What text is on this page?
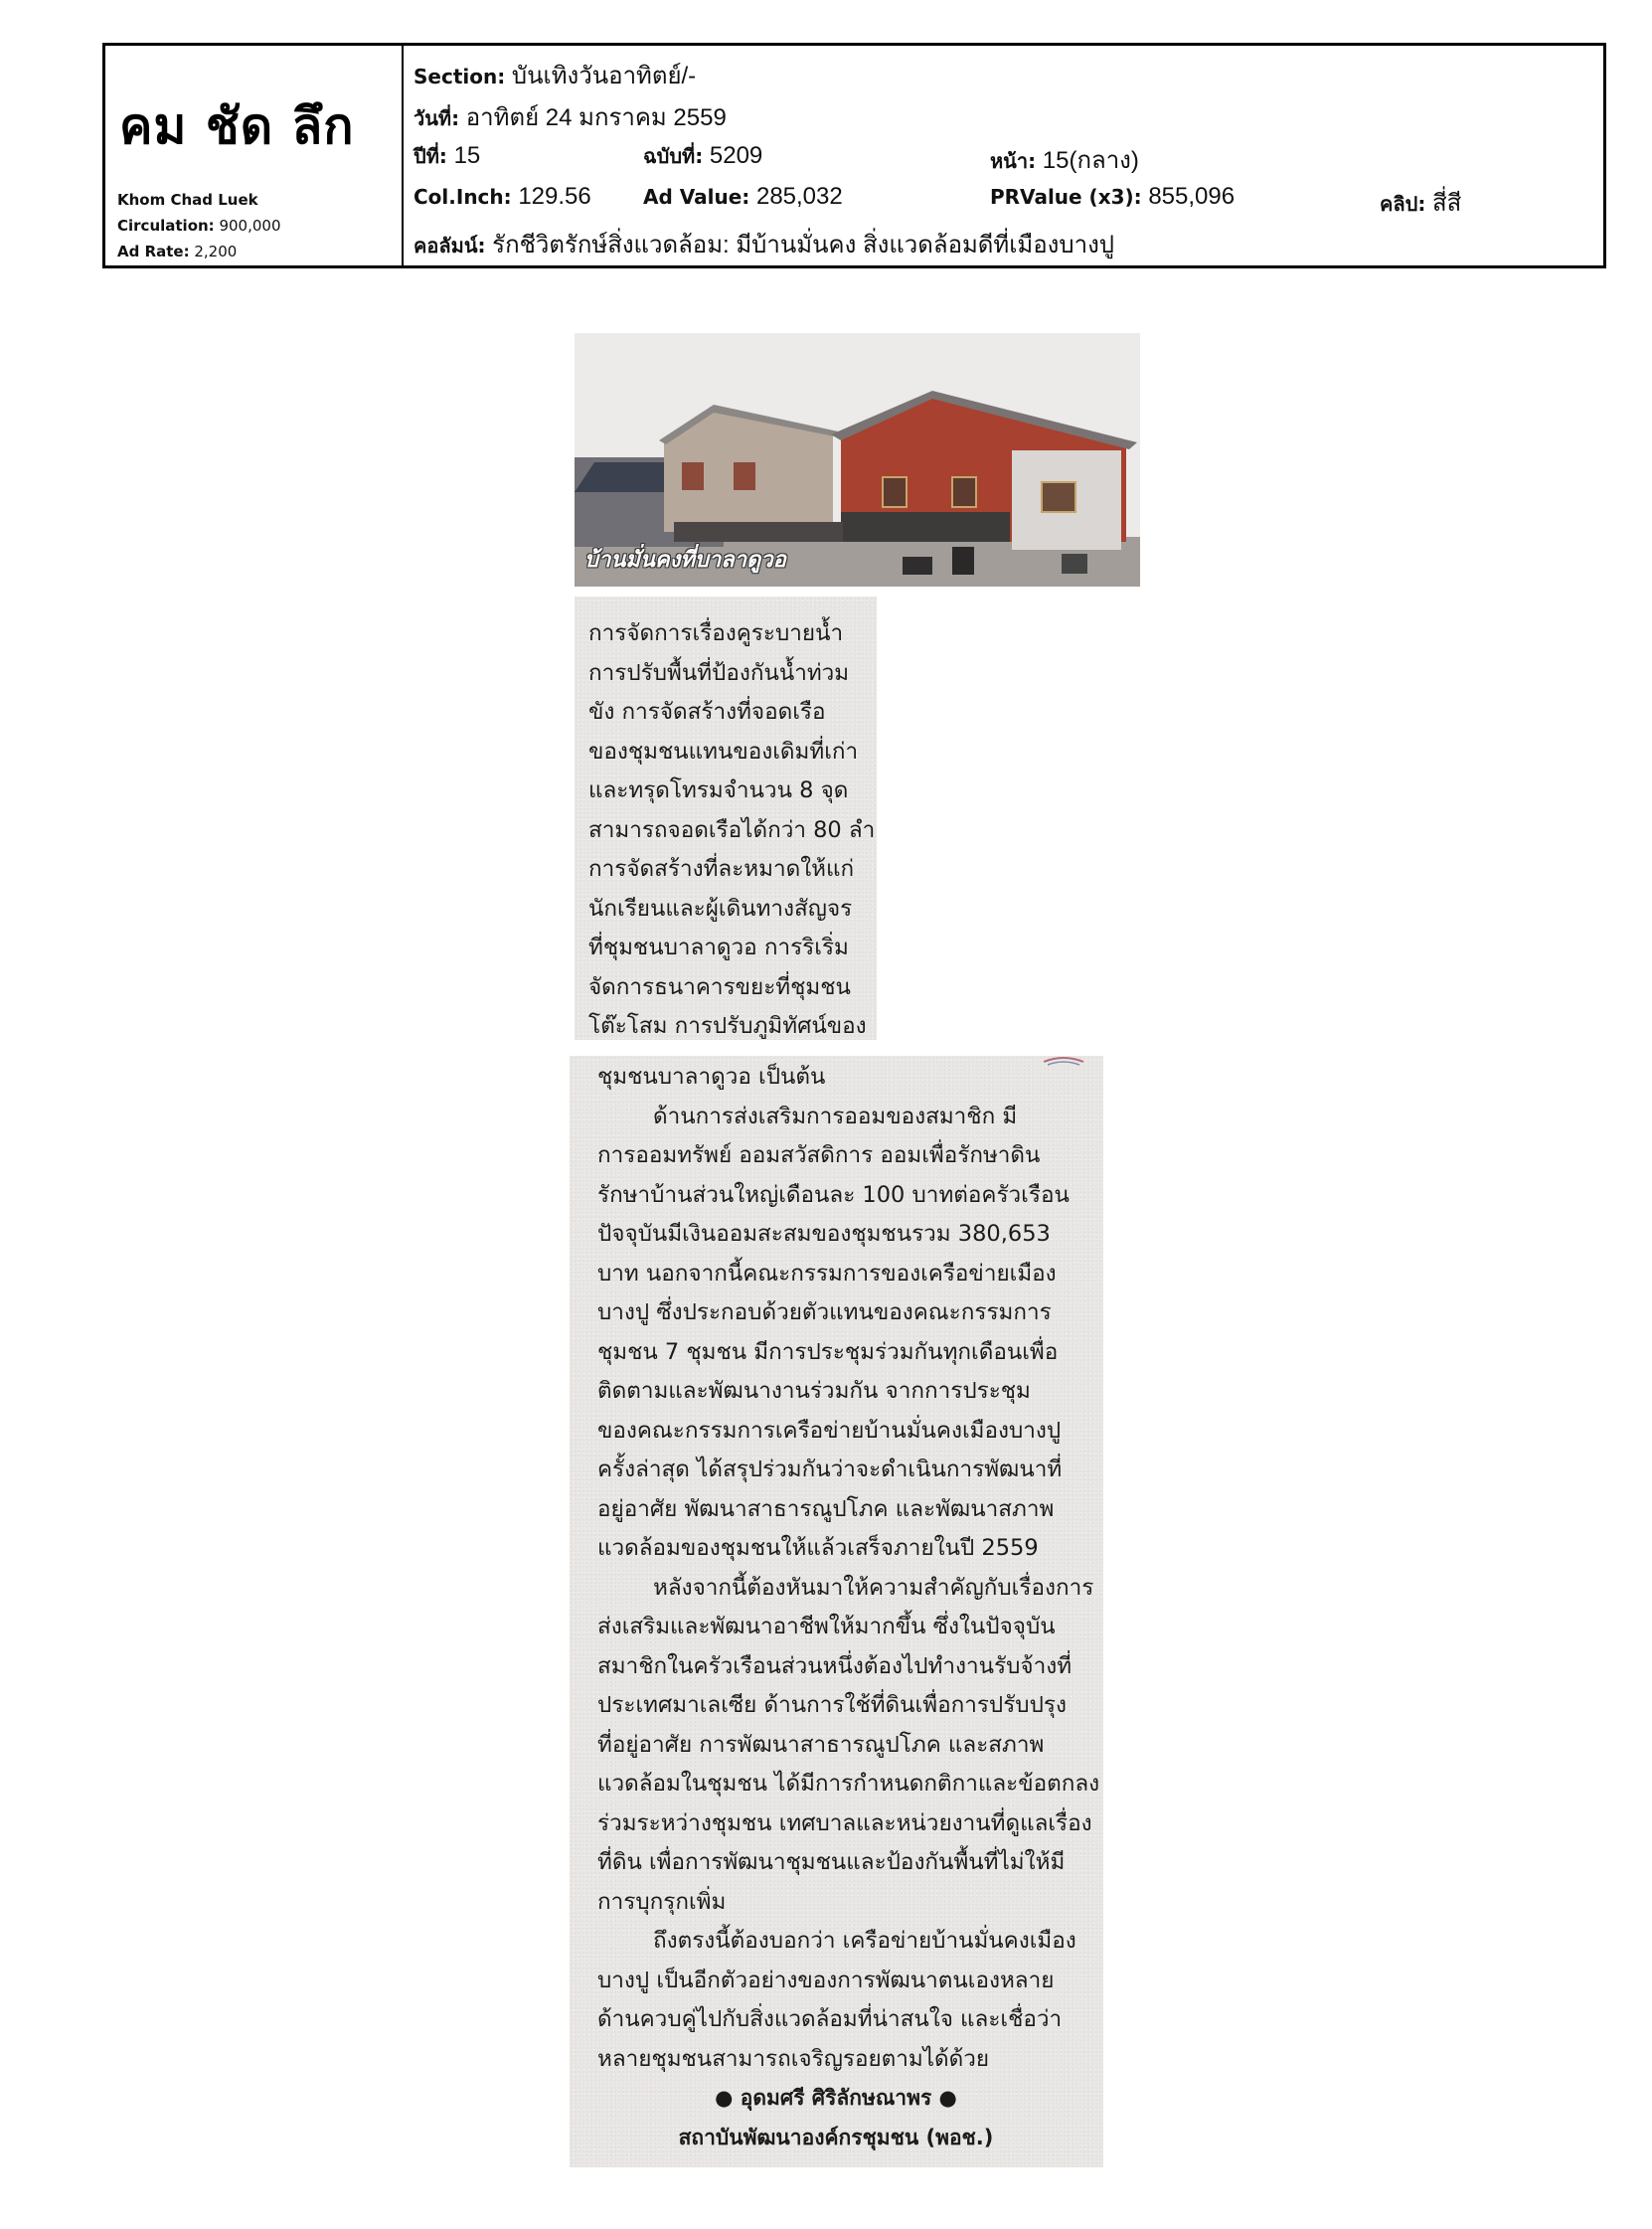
คม ชัด ลึก
Khom Chad Luek
Circulation: 900,000
Ad Rate: 2,200
Section: บันเทิงวันอาทิตย์/-
วันที่: อาทิตย์ 24 มกราคม 2559
ปีที่: 15	ฉบับที่: 5209	หน้า: 15(กลาง)
Col.Inch: 129.56	Ad Value: 285,032	PRValue (x3): 855,096	คลิป: สี่สี
คอลัมน์: รักชีวิตรักษ์สิ่งแวดล้อม: มีบ้านมั่นคง สิ่งแวดล้อมดีที่เมืองบางปู
บ้านมั่นคงที่บาลาดูวอ
การจัดการเรื่องคูระบายน้ำ
การปรับพื้นที่ป้องกันน้ำท่วม
ขัง การจัดสร้างที่จอดเรือ
ของชุมชนแทนของเดิมที่เก่า
และทรุดโทรมจำนวน 8 จุด
สามารถจอดเรือได้กว่า 80 ลำ
การจัดสร้างที่ละหมาดให้แก่
นักเรียนและผู้เดินทางสัญจร
ที่ชุมชนบาลาดูวอ การริเริ่ม
จัดการธนาคารขยะที่ชุมชน
โต๊ะโสม การปรับภูมิทัศน์ของ
ชุมชนบาลาดูวอ เป็นต้น
ด้านการส่งเสริมการออมของสมาชิก มี
การออมทรัพย์ ออมสวัสดิการ ออมเพื่อรักษาดิน
รักษาบ้านส่วนใหญ่เดือนละ 100 บาทต่อครัวเรือน
ปัจจุบันมีเงินออมสะสมของชุมชนรวม 380,653
บาท นอกจากนี้คณะกรรมการของเครือข่ายเมือง
บางปู ซึ่งประกอบด้วยตัวแทนของคณะกรรมการ
ชุมชน 7 ชุมชน มีการประชุมร่วมกันทุกเดือนเพื่อ
ติดตามและพัฒนางานร่วมกัน จากการประชุม
ของคณะกรรมการเครือข่ายบ้านมั่นคงเมืองบางปู
ครั้งล่าสุด ได้สรุปร่วมกันว่าจะดำเนินการพัฒนาที่
อยู่อาศัย พัฒนาสาธารณูปโภค และพัฒนาสภาพ
แวดล้อมของชุมชนให้แล้วเสร็จภายในปี 2559
หลังจากนี้ต้องหันมาให้ความสำคัญกับเรื่องการ
ส่งเสริมและพัฒนาอาชีพให้มากขึ้น ซึ่งในปัจจุบัน
สมาชิกในครัวเรือนส่วนหนึ่งต้องไปทำงานรับจ้างที่
ประเทศมาเลเซีย ด้านการใช้ที่ดินเพื่อการปรับปรุง
ที่อยู่อาศัย การพัฒนาสาธารณูปโภค และสภาพ
แวดล้อมในชุมชน ได้มีการกำหนดกติกาและข้อตกลง
ร่วมระหว่างชุมชน เทศบาลและหน่วยงานที่ดูแลเรื่อง
ที่ดิน เพื่อการพัฒนาชุมชนและป้องกันพื้นที่ไม่ให้มี
การบุกรุกเพิ่ม
ถึงตรงนี้ต้องบอกว่า เครือข่ายบ้านมั่นคงเมือง
บางปู เป็นอีกตัวอย่างของการพัฒนาตนเองหลาย
ด้านควบคู่ไปกับสิ่งแวดล้อมที่น่าสนใจ และเชื่อว่า
หลายชุมชนสามารถเจริญรอยตามได้ด้วย
● อุดมศรี ศิริลักษณาพร ●
สถาบันพัฒนาองค์กรชุมชน (พอช.)
